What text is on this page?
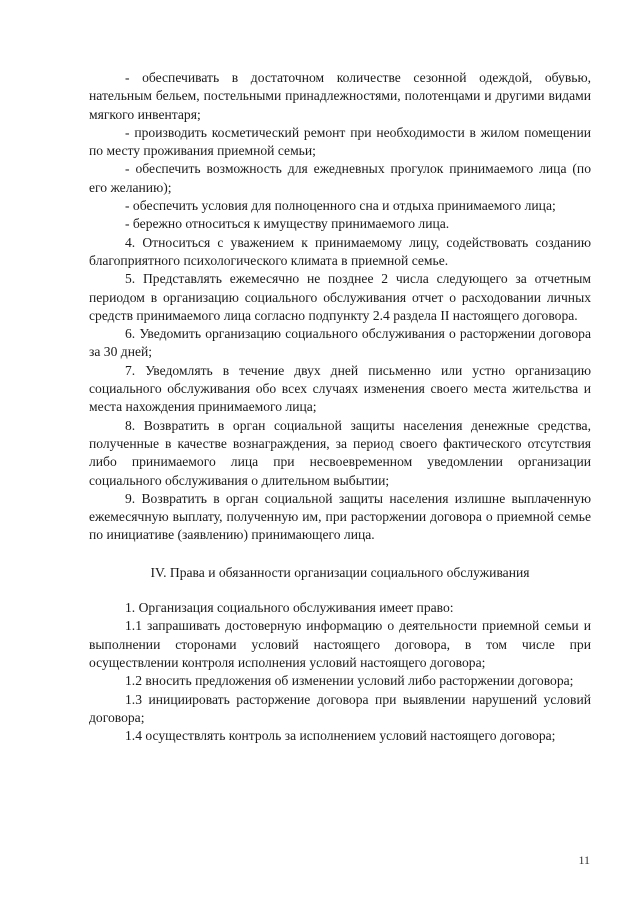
- обеспечивать в достаточном количестве сезонной одеждой, обувью, нательным бельем, постельными принадлежностями, полотенцами и другими видами мягкого инвентаря;

- производить косметический ремонт при необходимости в жилом помещении по месту проживания приемной семьи;

- обеспечить возможность для ежедневных прогулок принимаемого лица (по его желанию);

- обеспечить условия для полноценного сна и отдыха принимаемого лица;

- бережно относиться к имуществу принимаемого лица.

4. Относиться с уважением к принимаемому лицу, содействовать созданию благоприятного психологического климата в приемной семье.

5. Представлять ежемесячно не позднее 2 числа следующего за отчетным периодом в организацию социального обслуживания отчет о расходовании личных средств принимаемого лица согласно подпункту 2.4 раздела II настоящего договора.

6. Уведомить организацию социального обслуживания о расторжении договора за 30 дней;

7. Уведомлять в течение двух дней письменно или устно организацию социального обслуживания обо всех случаях изменения своего места жительства и места нахождения принимаемого лица;

8. Возвратить в орган социальной защиты населения денежные средства, полученные в качестве вознаграждения, за период своего фактического отсутствия либо принимаемого лица при несвоевременном уведомлении организации социального обслуживания о длительном выбытии;

9. Возвратить в орган социальной защиты населения излишне выплаченную ежемесячную выплату, полученную им, при расторжении договора о приемной семье по инициативе (заявлению) принимающего лица.

IV. Права и обязанности организации социального обслуживания

1. Организация социального обслуживания имеет право:

1.1 запрашивать достоверную информацию о деятельности приемной семьи и выполнении сторонами условий настоящего договора, в том числе при осуществлении контроля исполнения условий настоящего договора;

1.2 вносить предложения об изменении условий либо расторжении договора;

1.3 инициировать расторжение договора при выявлении нарушений условий договора;

1.4 осуществлять контроль за исполнением условий настоящего договора;

11
